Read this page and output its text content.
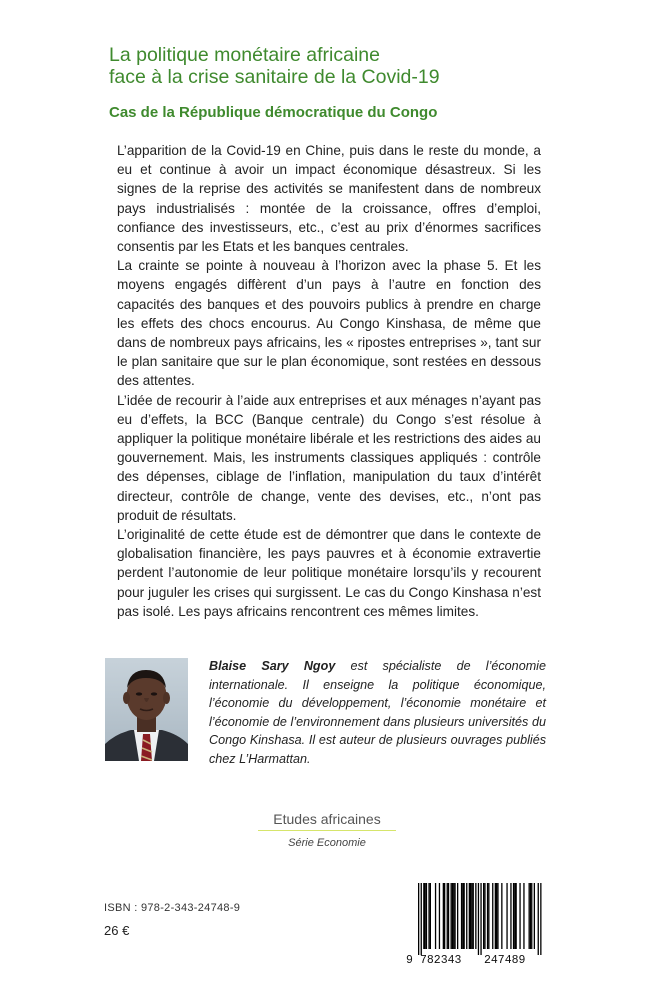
La politique monétaire africaine
face à la crise sanitaire de la Covid-19
Cas de la République démocratique du Congo

L’apparition de la Covid-19 en Chine, puis dans le reste du monde, a eu et continue à avoir un impact économique désastreux. Si les signes de la reprise des activités se manifestent dans de nombreux pays industrialisés : montée de la croissance, offres d’emploi, confiance des investisseurs, etc., c’est au prix d’énormes sacrifices consentis par les Etats et les banques centrales.

La crainte se pointe à nouveau à l’horizon avec la phase 5. Et les moyens engagés diffèrent d’un pays à l’autre en fonction des capacités des banques et des pouvoirs publics à prendre en charge les effets des chocs encourus. Au Congo Kinshasa, de même que dans de nombreux pays africains, les « ripostes entreprises », tant sur le plan sanitaire que sur le plan économique, sont restées en dessous des attentes.

L’idée de recourir à l’aide aux entreprises et aux ménages n’ayant pas eu d’effets, la BCC (Banque centrale) du Congo s’est résolue à appliquer la politique monétaire libérale et les restrictions des aides au gouvernement. Mais, les instruments classiques appliqués : contrôle des dépenses, ciblage de l’inflation, manipulation du taux d’intérêt directeur, contrôle de change, vente des devises, etc., n’ont pas produit de résultats.

L’originalité de cette étude est de démontrer que dans le contexte de globalisation financière, les pays pauvres et à économie extravertie perdent l’autonomie de leur politique monétaire lorsqu’ils y recourent pour juguler les crises qui surgissent. Le cas du Congo Kinshasa n’est pas isolé. Les pays africains rencontrent ces mêmes limites.

Blaise Sary Ngoy est spécialiste de l’économie internationale. Il enseigne la politique économique, l’économie du développement, l’économie monétaire et l’économie de l’environnement dans plusieurs universités du Congo Kinshasa. Il est auteur de plusieurs ouvrages publiés chez L’Harmattan.
Etudes africaines
Série Economie
ISBN : 978-2-343-24748-9
26 €
9 782343 247489
